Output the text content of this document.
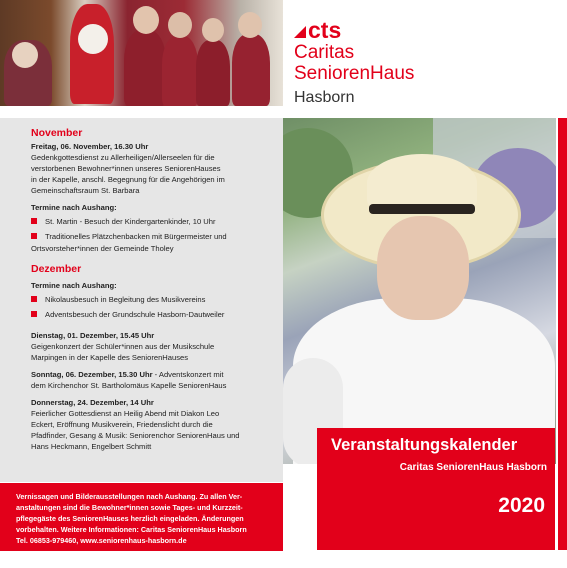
cts
Caritas
SeniorenHaus
Hasborn
November
Freitag, 06. November, 16.30 Uhr
Gedenkgottesdienst zu Allerheiligen/Allerseelen für die
verstorbenen Bewohner*innen unseres SeniorenHauses
in der Kapelle, anschl. Begegnung für die Angehörigen im
Gemeinschaftsraum St. Barbara
Termine nach Aushang:
St. Martin - Besuch der Kindergartenkinder, 10 Uhr
Traditionelles Plätzchenbacken mit Bürgermeister und
Ortsvorsteher*innen der Gemeinde Tholey
Dezember
Termine nach Aushang:
Nikolausbesuch in Begleitung des Musikvereins
Adventsbesuch der Grundschule Hasborn-Dautweiler
Dienstag, 01. Dezember, 15.45 Uhr
Geigenkonzert der Schüler*innen aus der Musikschule
Marpingen in der Kapelle des SeniorenHauses
Sonntag, 06. Dezember, 15.30 Uhr - Adventskonzert mit
dem Kirchenchor St. Bartholomäus Kapelle SeniorenHaus
Donnerstag, 24. Dezember, 14 Uhr
Feierlicher Gottesdienst an Heilig Abend mit Diakon Leo
Eckert, Eröffnung Musikverein, Friedenslicht durch die
Pfadfinder, Gesang & Musik: Seniorenchor SeniorenHaus und
Hans Heckmann, Engelbert Schmitt
Vernissagen und Bilderausstellungen nach Aushang. Zu allen Ver-
anstaltungen sind die Bewohner*innen sowie Tages- und Kurzzeit-
pflegegäste des SeniorenHauses herzlich eingeladen. Änderungen
vorbehalten. Weitere Informationen: Caritas SeniorenHaus Hasborn
Tel. 06853-979460, www.seniorenhaus-hasborn.de
Veranstaltungskalender
Caritas SeniorenHaus Hasborn
2020
